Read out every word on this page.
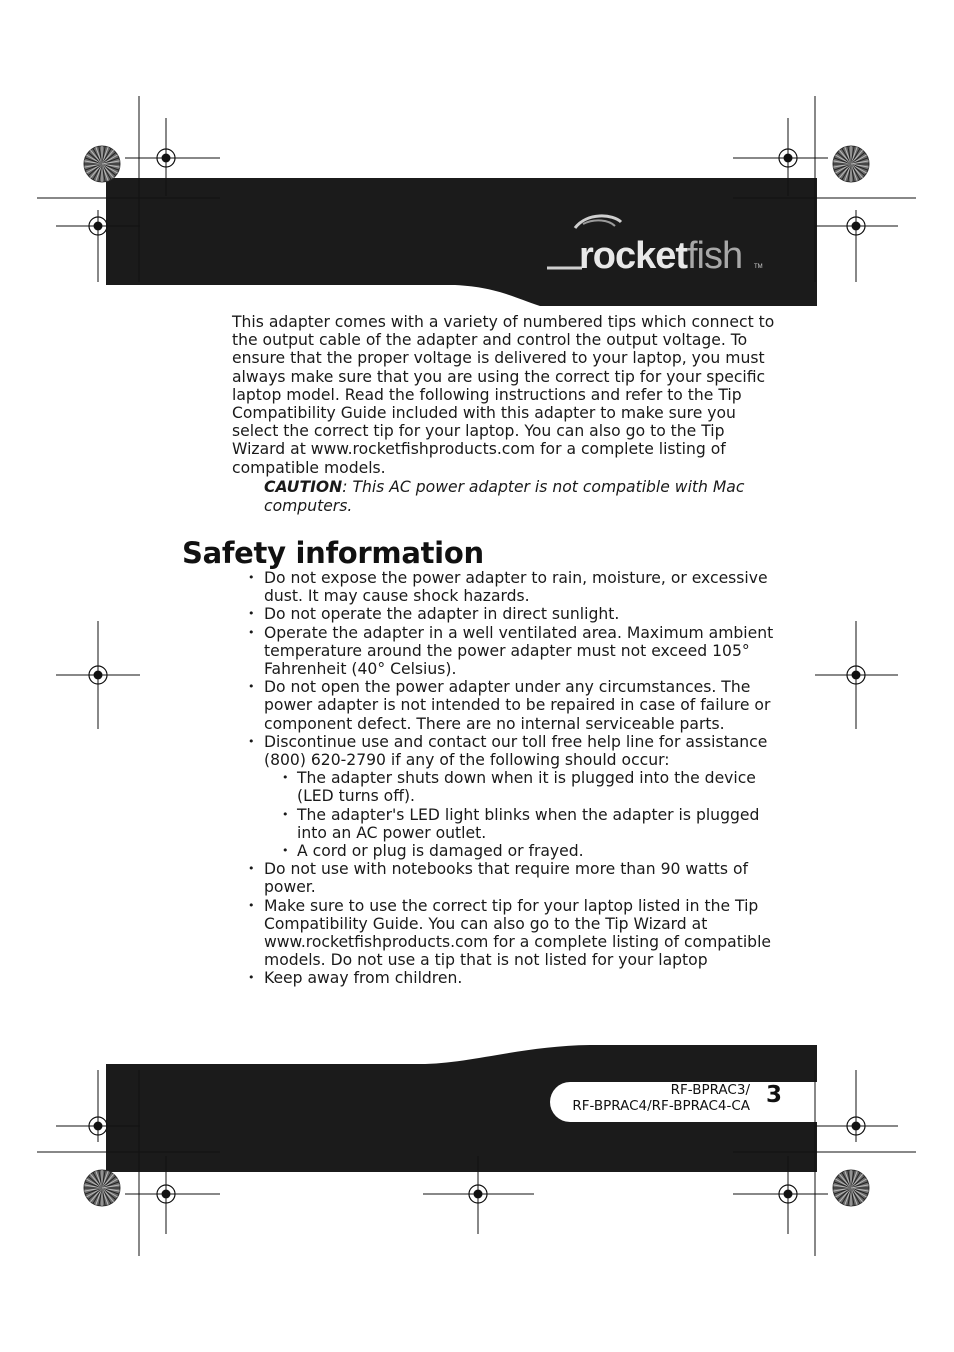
rocket fish TM

This adapter comes with a variety of numbered tips which connect to the output cable of the adapter and control the output voltage. To ensure that the proper voltage is delivered to your laptop, you must always make sure that you are using the correct tip for your specific laptop model. Read the following instructions and refer to the Tip Compatibility Guide included with this adapter to make sure you select the correct tip for your laptop. You can also go to the Tip Wizard at www.rocketfishproducts.com for a complete listing of compatible models.

CAUTION: This AC power adapter is not compatible with Mac computers.

Safety information
• Do not expose the power adapter to rain, moisture, or excessive dust. It may cause shock hazards.
• Do not operate the adapter in direct sunlight.
• Operate the adapter in a well ventilated area. Maximum ambient temperature around the power adapter must not exceed 105° Fahrenheit (40° Celsius).
• Do not open the power adapter under any circumstances. The power adapter is not intended to be repaired in case of failure or component defect. There are no internal serviceable parts.
• Discontinue use and contact our toll free help line for assistance (800) 620-2790 if any of the following should occur:
• The adapter shuts down when it is plugged into the device (LED turns off).
• The adapter's LED light blinks when the adapter is plugged into an AC power outlet.
• A cord or plug is damaged or frayed.
• Do not use with notebooks that require more than 90 watts of power.
• Make sure to use the correct tip for your laptop listed in the Tip Compatibility Guide. You can also go to the Tip Wizard at www.rocketfishproducts.com for a complete listing of compatible models. Do not use a tip that is not listed for your laptop
• Keep away from children.
RF-BPRAC3/
RF-BPRAC4/RF-BPRAC4-CA 3
